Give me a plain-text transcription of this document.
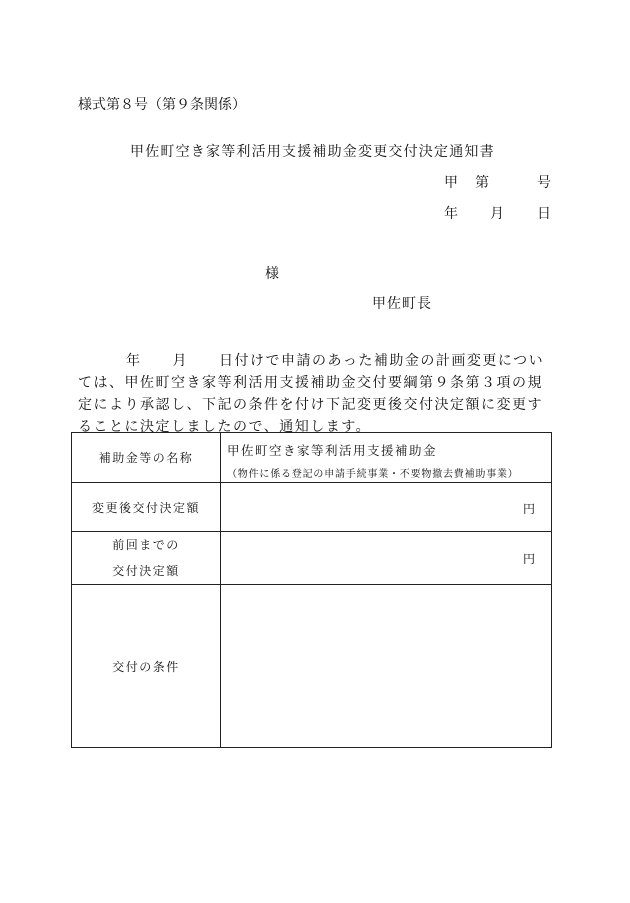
様式第８号（第９条関係）
甲佐町空き家等利活用支援補助金変更交付決定通知書
甲 第	号
年 月 日
様
甲佐町長
年　　月　　日付けで申請のあった補助金の計画変更につい
ては、甲佐町空き家等利活用支援補助金交付要綱第９条第３項の規
定により承認し、下記の条件を付け下記変更後交付決定額に変更す
ることに決定しましたので、通知します。
補助金等の名称	甲佐町空き家等利活用支援補助金
（物件に係る登記の申請手続事業・不要物撤去費補助事業）

変更後交付決定額	円

前回までの
交付決定額	円

交付の条件	
